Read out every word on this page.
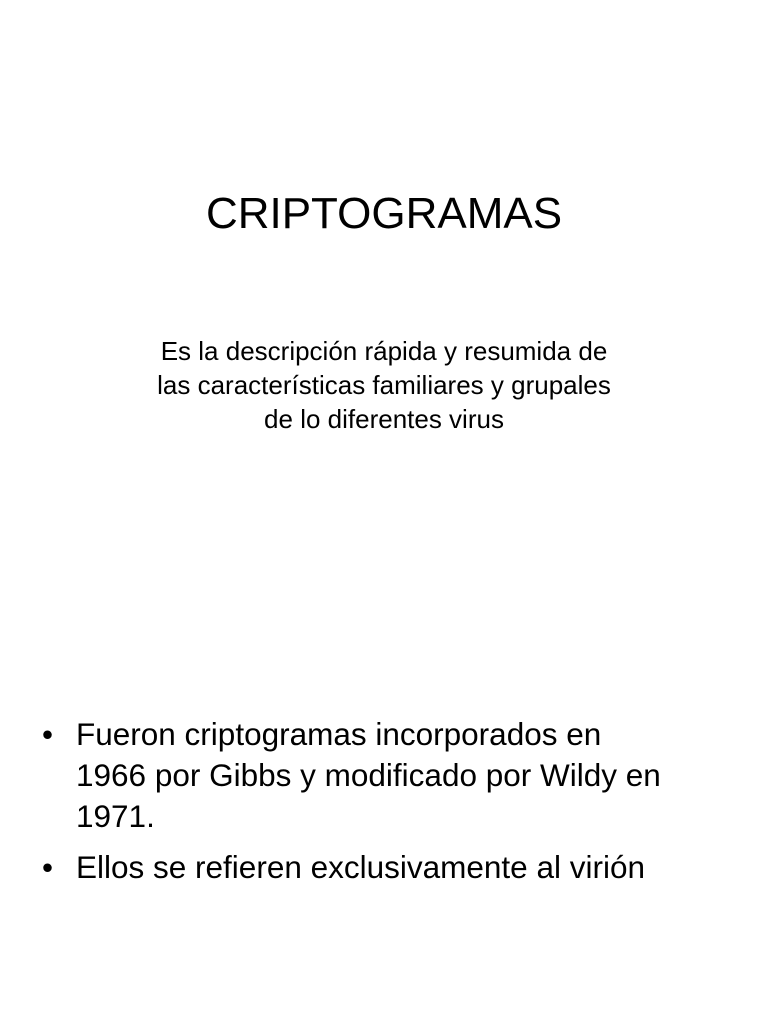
CRIPTOGRAMAS

Es la descripción rápida y resumida de
las características familiares y grupales
de lo diferentes virus

• Fueron criptogramas incorporados en
1966 por Gibbs y modificado por Wildy en
1971.
• Ellos se refieren exclusivamente al virión
